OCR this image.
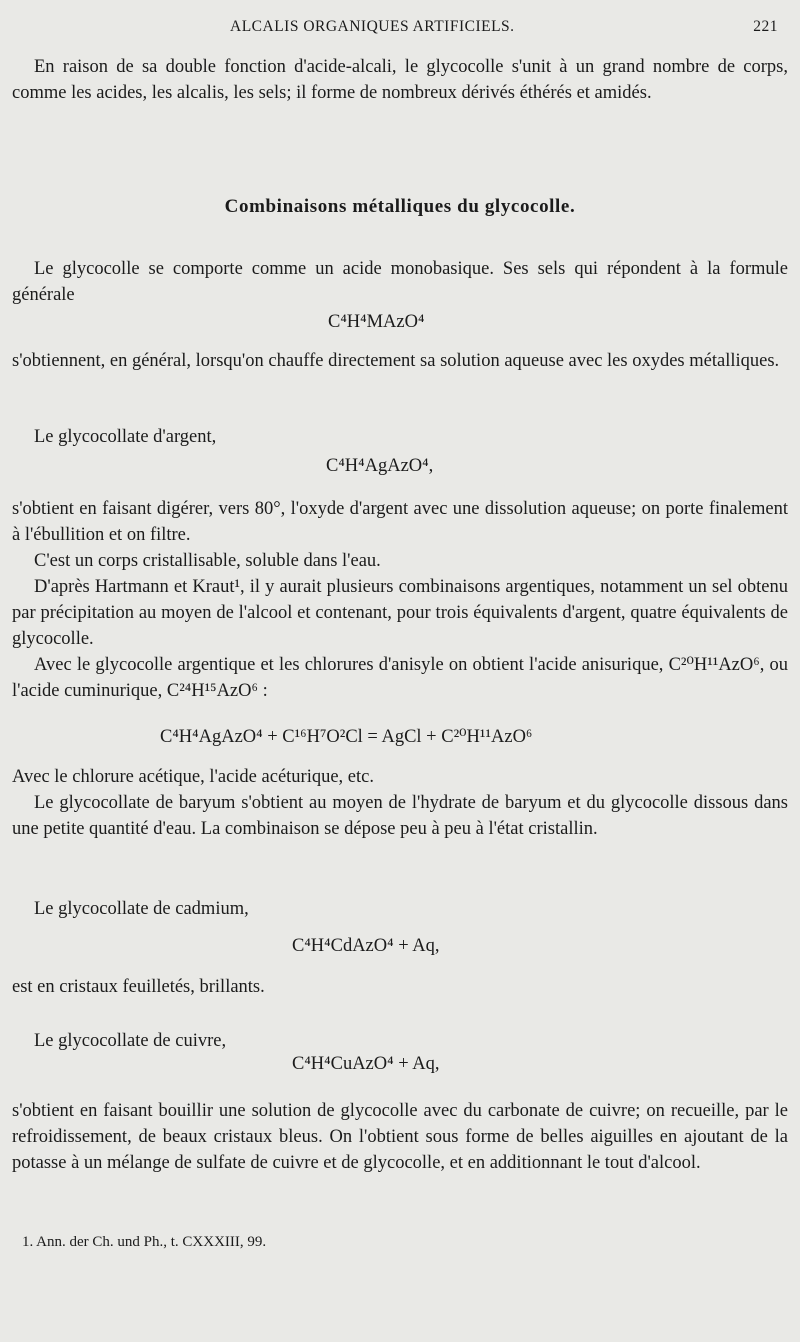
ALCALIS ORGANIQUES ARTIFICIELS.	221

En raison de sa double fonction d'acide-alcali, le glycocolle s'unit à un grand nombre de corps, comme les acides, les alcalis, les sels; il forme de nombreux dérivés éthérés et amidés.

Combinaisons métalliques du glycocolle.

Le glycocolle se comporte comme un acide monobasique. Ses sels qui répondent à la formule générale

C⁴H⁴MAzO⁴

s'obtiennent, en général, lorsqu'on chauffe directement sa solution aqueuse avec les oxydes métalliques.

Le glycocollate d'argent,

C⁴H⁴AgAzO⁴,

s'obtient en faisant digérer, vers 80°, l'oxyde d'argent avec une dissolution aqueuse; on porte finalement à l'ébullition et on filtre.

C'est un corps cristallisable, soluble dans l'eau.

D'après Hartmann et Kraut¹, il y aurait plusieurs combinaisons argentiques, notamment un sel obtenu par précipitation au moyen de l'alcool et contenant, pour trois équivalents d'argent, quatre équivalents de glycocolle.

Avec le glycocolle argentique et les chlorures d'anisyle on obtient l'acide anisurique, C²⁰H¹¹AzO⁶, ou l'acide cuminurique, C²⁴H¹⁵AzO⁶ :

C⁴H⁴AgAzO⁴ + C¹⁶H⁷O²Cl = AgCl + C²⁰H¹¹AzO⁶

Avec le chlorure acétique, l'acide acéturique, etc.

Le glycocollate de baryum s'obtient au moyen de l'hydrate de baryum et du glycocolle dissous dans une petite quantité d'eau. La combinaison se dépose peu à peu à l'état cristallin.

Le glycocollate de cadmium,

C⁴H⁴CdAzO⁴ + Aq,

est en cristaux feuilletés, brillants.

Le glycocollate de cuivre,

C⁴H⁴CuAzO⁴ + Aq,

s'obtient en faisant bouillir une solution de glycocolle avec du carbonate de cuivre; on recueille, par le refroidissement, de beaux cristaux bleus. On l'obtient sous forme de belles aiguilles en ajoutant de la potasse à un mélange de sulfate de cuivre et de glycocolle, et en additionnant le tout d'alcool.

1. Ann. der Ch. und Ph., t. CXXXIII, 99.
